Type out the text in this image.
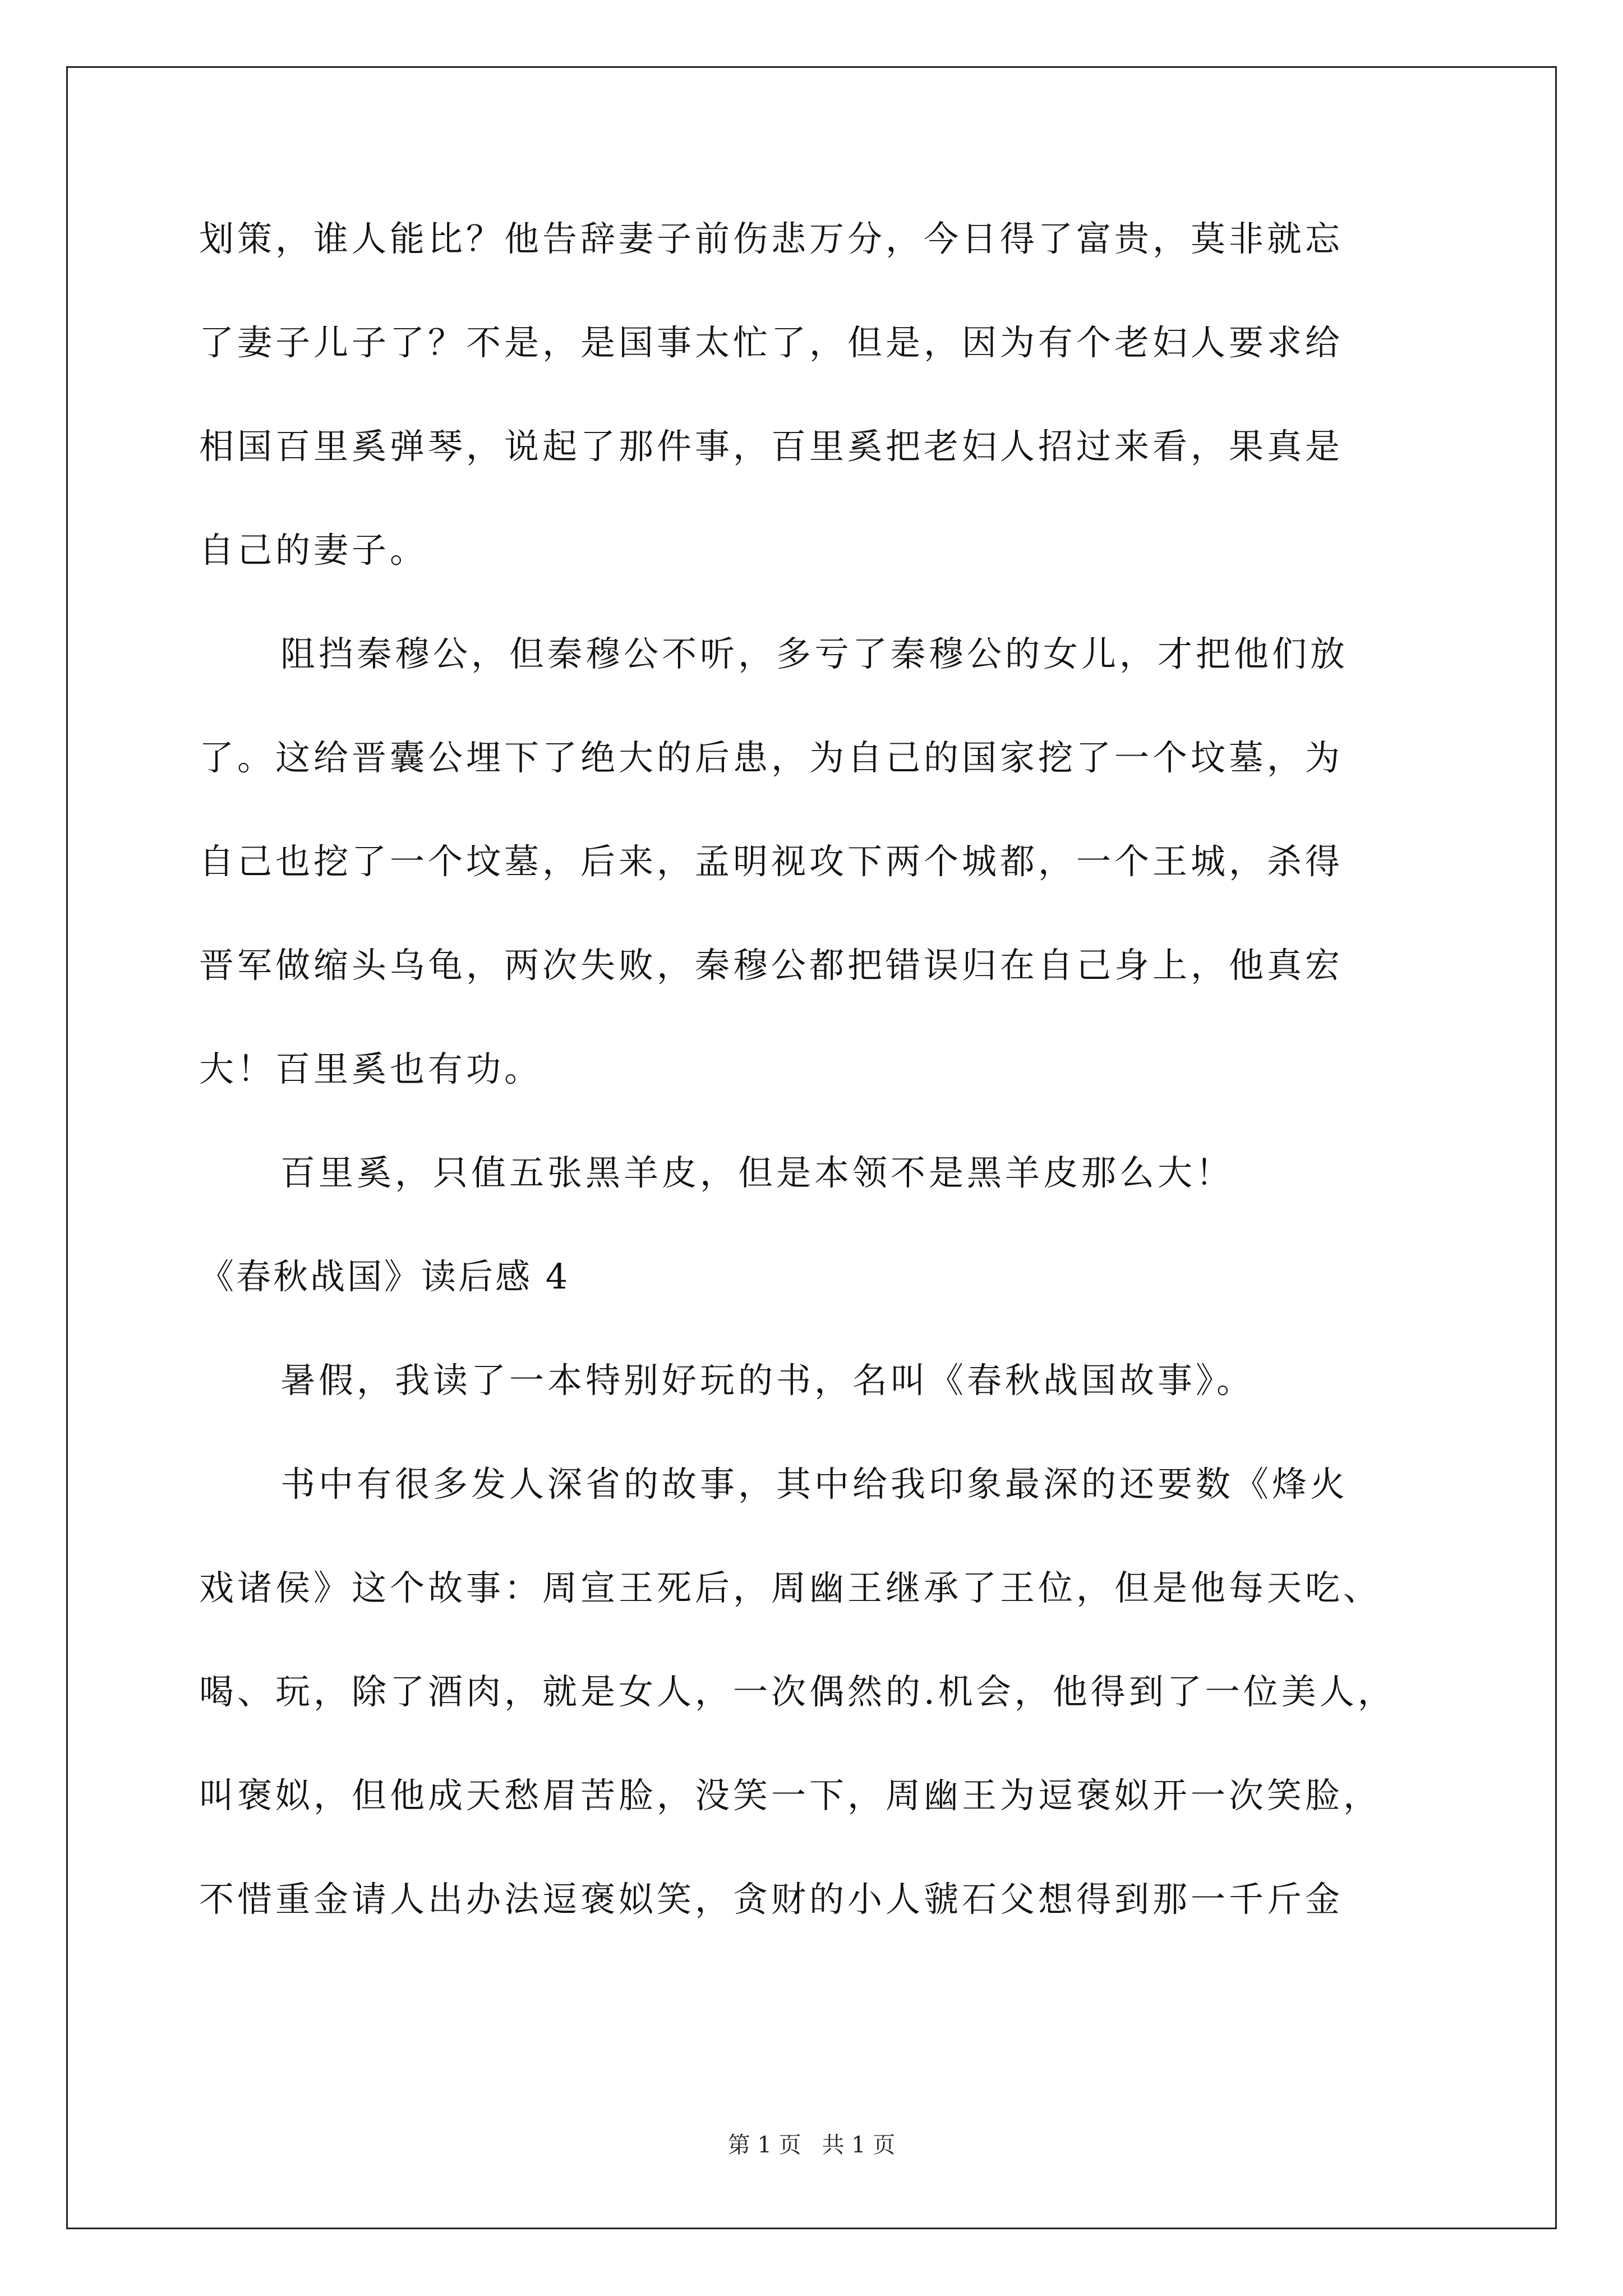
划策，谁人能比？他告辞妻子前伤悲万分，今日得了富贵，莫非就忘
了妻子儿子了？不是，是国事太忙了，但是，因为有个老妇人要求给
相国百里奚弹琴，说起了那件事，百里奚把老妇人招过来看，果真是
自己的妻子。
阻挡秦穆公，但秦穆公不听，多亏了秦穆公的女儿，才把他们放
了。这给晋囊公埋下了绝大的后患，为自己的国家挖了一个坟墓，为
自己也挖了一个坟墓，后来，孟明视攻下两个城都，一个王城，杀得
晋军做缩头乌龟，两次失败，秦穆公都把错误归在自己身上，他真宏
大！百里奚也有功。
百里奚，只值五张黑羊皮，但是本领不是黑羊皮那么大！
《春秋战国》读后感 4
暑假，我读了一本特别好玩的书，名叫《春秋战国故事》。
书中有很多发人深省的故事，其中给我印象最深的还要数《烽火
戏诸侯》这个故事：周宣王死后，周幽王继承了王位，但是他每天吃、
喝、玩，除了酒肉，就是女人，一次偶然的.机会，他得到了一位美人，
叫褒姒，但他成天愁眉苦脸，没笑一下，周幽王为逗褒姒开一次笑脸，
不惜重金请人出办法逗褒姒笑，贪财的小人虢石父想得到那一千斤金
第 1 页 共 1 页
